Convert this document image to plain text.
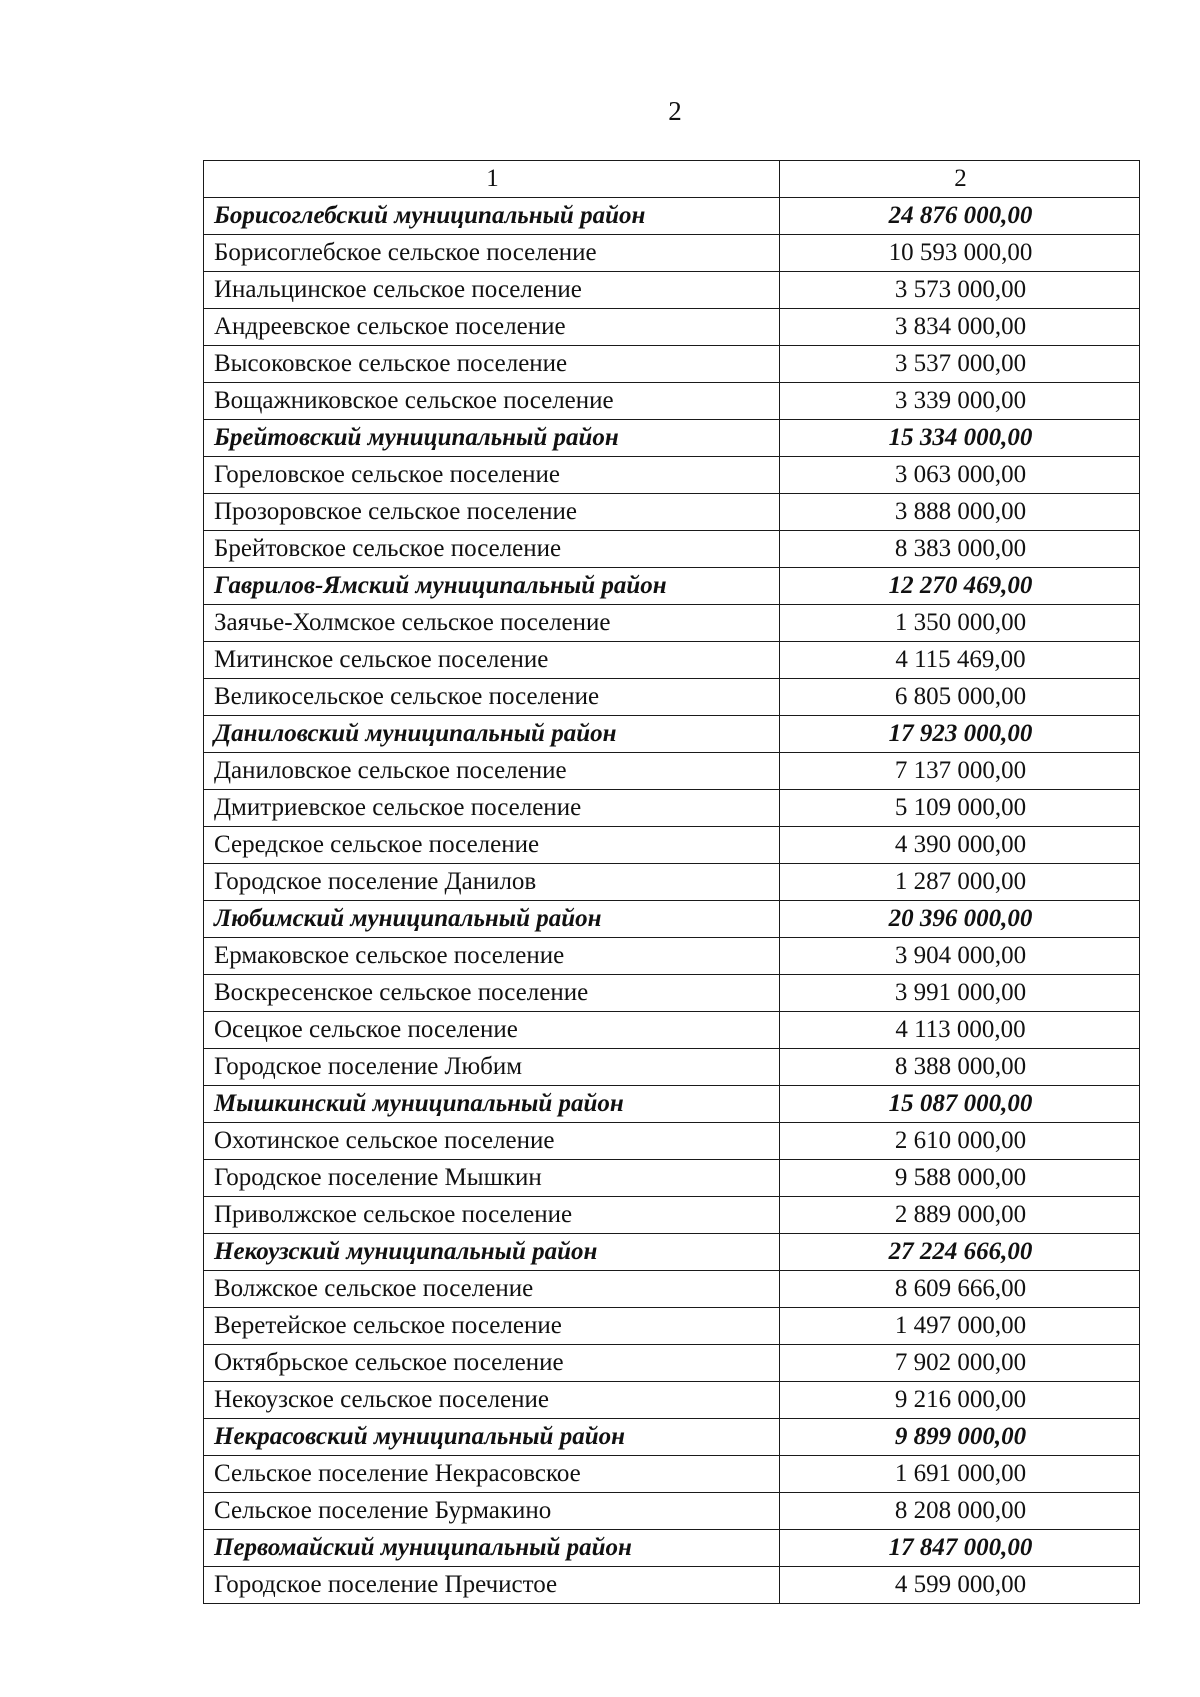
2
1	2
Борисоглебский муниципальный район	24 876 000,00
Борисоглебское сельское поселение	10 593 000,00
Инальцинское сельское поселение	3 573 000,00
Андреевское сельское поселение	3 834 000,00
Высоковское сельское поселение	3 537 000,00
Вощажниковское сельское поселение	3 339 000,00
Брейтовский муниципальный район	15 334 000,00
Гореловское сельское поселение	3 063 000,00
Прозоровское сельское поселение	3 888 000,00
Брейтовское сельское поселение	8 383 000,00
Гаврилов-Ямский муниципальный район	12 270 469,00
Заячье-Холмское сельское поселение	1 350 000,00
Митинское сельское поселение	4 115 469,00
Великосельское сельское поселение	6 805 000,00
Даниловский муниципальный район	17 923 000,00
Даниловское сельское поселение	7 137 000,00
Дмитриевское сельское поселение	5 109 000,00
Середское сельское поселение	4 390 000,00
Городское поселение Данилов	1 287 000,00
Любимский муниципальный район	20 396 000,00
Ермаковское сельское поселение	3 904 000,00
Воскресенское сельское поселение	3 991 000,00
Осецкое сельское поселение	4 113 000,00
Городское поселение Любим	8 388 000,00
Мышкинский муниципальный район	15 087 000,00
Охотинское сельское поселение	2 610 000,00
Городское поселение Мышкин	9 588 000,00
Приволжское сельское поселение	2 889 000,00
Некоузский муниципальный район	27 224 666,00
Волжское сельское поселение	8 609 666,00
Веретейское сельское поселение	1 497 000,00
Октябрьское сельское поселение	7 902 000,00
Некоузское сельское поселение	9 216 000,00
Некрасовский муниципальный район	9 899 000,00
Сельское поселение Некрасовское	1 691 000,00
Сельское поселение Бурмакино	8 208 000,00
Первомайский муниципальный район	17 847 000,00
Городское поселение Пречистое	4 599 000,00
